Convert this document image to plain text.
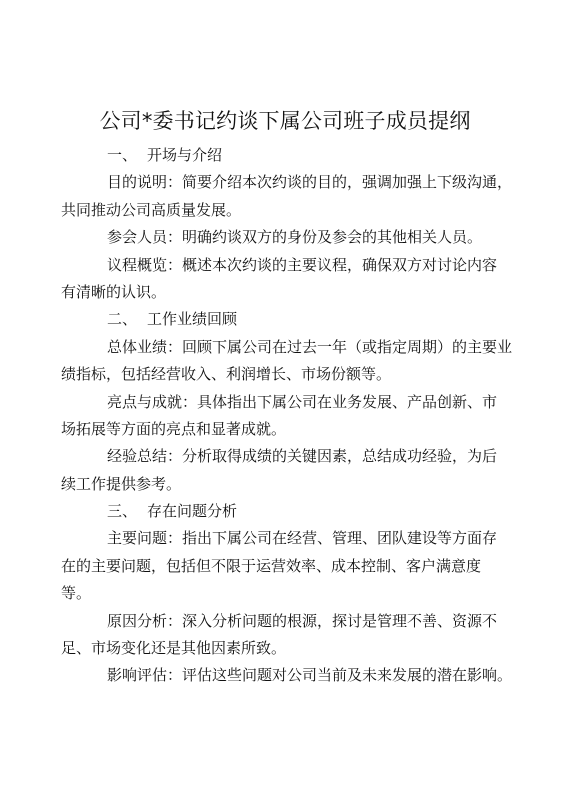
公司*委书记约谈下属公司班子成员提纲
一、 开场与介绍
目的说明：简要介绍本次约谈的目的，强调加强上下级沟通，
共同推动公司高质量发展。
参会人员：明确约谈双方的身份及参会的其他相关人员。
议程概览：概述本次约谈的主要议程，确保双方对讨论内容
有清晰的认识。
二、 工作业绩回顾
总体业绩：回顾下属公司在过去一年（或指定周期）的主要业
绩指标，包括经营收入、利润增长、市场份额等。
亮点与成就：具体指出下属公司在业务发展、产品创新、市
场拓展等方面的亮点和显著成就。
经验总结：分析取得成绩的关键因素，总结成功经验，为后
续工作提供参考。
三、 存在问题分析
主要问题：指出下属公司在经营、管理、团队建设等方面存
在的主要问题，包括但不限于运营效率、成本控制、客户满意度
等。
原因分析：深入分析问题的根源，探讨是管理不善、资源不
足、市场变化还是其他因素所致。
影响评估：评估这些问题对公司当前及未来发展的潜在影响。
